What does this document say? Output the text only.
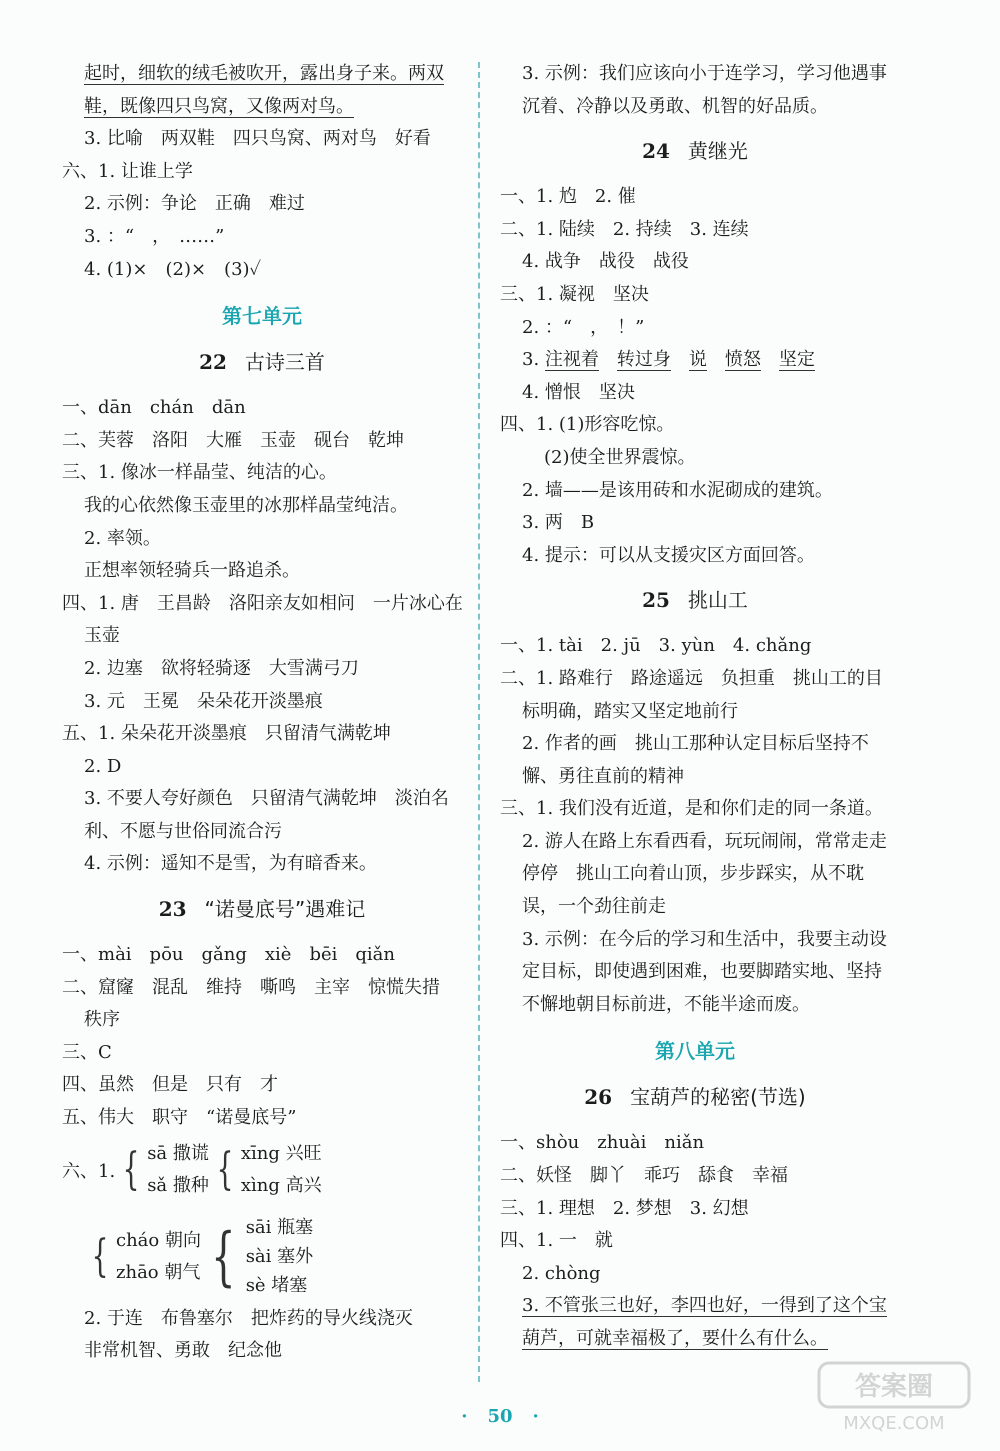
起时，细软的绒毛被吹开，露出身子来。两双
鞋，既像四只鸟窝，又像两对鸟。
3. 比喻　两双鞋　四只鸟窝、两对鸟　好看
六、1. 让谁上学
2. 示例：争论　正确　难过
3. ：“　，　……”
4. (1)×　(2)×　(3)✓
第七单元
22 古诗三首
一、dān　chán　dān
二、芙蓉　洛阳　大雁　玉壶　砚台　乾坤
三、1. 像冰一样晶莹、纯洁的心。
我的心依然像玉壶里的冰那样晶莹纯洁。
2. 率领。
正想率领轻骑兵一路追杀。
四、1. 唐　王昌龄　洛阳亲友如相问　一片冰心在
玉壶
2. 边塞　欲将轻骑逐　大雪满弓刀
3. 元　王冕　朵朵花开淡墨痕
五、1. 朵朵花开淡墨痕　只留清气满乾坤
2. D
3. 不要人夸好颜色　只留清气满乾坤　淡泊名
利、不愿与世俗同流合污
4. 示例：遥知不是雪，为有暗香来。
23 “诺曼底号”遇难记
一、mài　pōu　gǎng　xiè　bēi　qiǎn
二、窟窿　混乱　维持　嘶鸣　主宰　惊慌失措
秩序
三、C
四、虽然　但是　只有　才
五、伟大　职守　“诺曼底号”
六、1. { sā 撒谎
sǎ 撒种 { xīng 兴旺
xìng 高兴
{ cháo 朝向
zhāo 朝气 { sāi 瓶塞
sài 塞外
sè 堵塞
2. 于连　布鲁塞尔　把炸药的导火线浇灭
非常机智、勇敢　纪念他
3. 示例：我们应该向小于连学习，学习他遇事
沉着、冷静以及勇敢、机智的好品质。
24 黄继光
一、1. 尥　2. 催
二、1. 陆续　2. 持续　3. 连续
4. 战争　战役　战役
三、1. 凝视　坚决
2. ：“　，　！”
3. 注视着　 转过身　 说　 愤怒　 坚定
4. 憎恨　坚决
四、1. (1)形容吃惊。
(2)使全世界震惊。
2. 墙——是该用砖和水泥砌成的建筑。
3. 两　B
4. 提示：可以从支援灾区方面回答。
25 挑山工
一、1. tài　2. jū　3. yùn　4. chǎng
二、1. 路难行　路途遥远　负担重　挑山工的目
标明确，踏实又坚定地前行
2. 作者的画　挑山工那种认定目标后坚持不
懈、勇往直前的精神
三、1. 我们没有近道，是和你们走的同一条道。
2. 游人在路上东看西看，玩玩闹闹，常常走走
停停　挑山工向着山顶，步步踩实，从不耽
误，一个劲往前走
3. 示例：在今后的学习和生活中，我要主动设
定目标，即使遇到困难，也要脚踏实地、坚持
不懈地朝目标前进，不能半途而废。
第八单元
26 宝葫芦的秘密(节选)
一、shòu　zhuài　niǎn
二、妖怪　脚丫　乖巧　舔食　幸福
三、1. 理想　2. 梦想　3. 幻想
四、1. 一　就
2. chòng
3. 不管张三也好，李四也好，一得到了这个宝
葫芦，可就幸福极了，要什么有什么。
· 50 ·
答案圈
MXQE.COM
